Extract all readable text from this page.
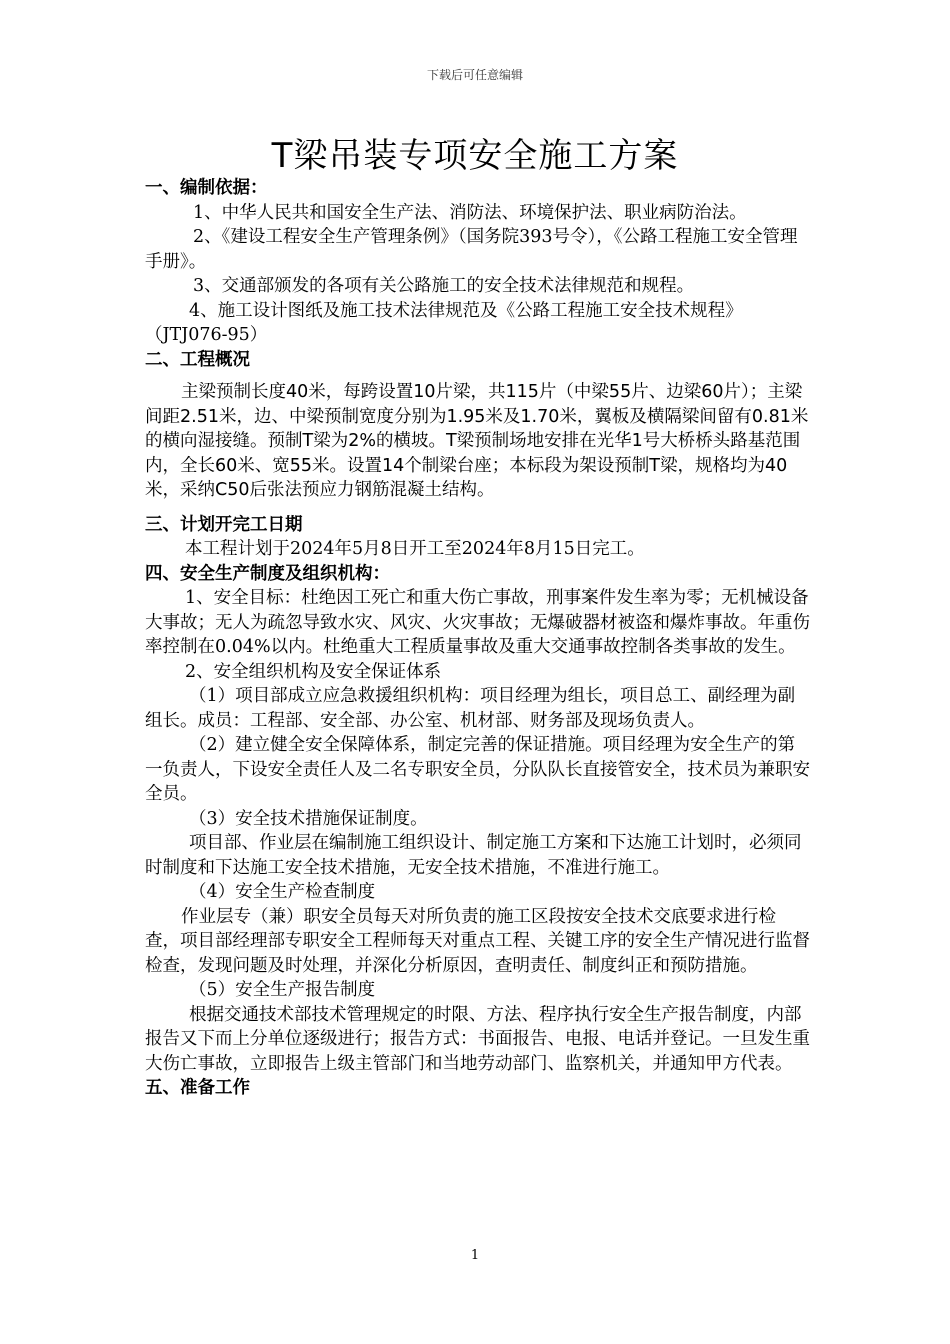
下载后可任意编辑
T梁吊装专项安全施工方案

一、编制依据：

1、中华人民共和国安全生产法、消防法、环境保护法、职业病防治法。

2、《建设工程安全生产管理条例》（国务院393号令），《公路工程施工安全管理手册》。

3、交通部颁发的各项有关公路施工的安全技术法律规范和规程。

4、施工设计图纸及施工技术法律规范及《公路工程施工安全技术规程》（JTJ076-95）

二、工程概况

主梁预制长度40米，每跨设置10片梁，共115片（中梁55片、边梁60片）；主梁间距2.51米，边、中梁预制宽度分别为1.95米及1.70米，翼板及横隔梁间留有0.81米的横向湿接缝。预制T梁为2%的横坡。T梁预制场地安排在光华1号大桥桥头路基范围内，全长60米、宽55米。设置14个制梁台座；本标段为架设预制T梁，规格均为40米，采纳C50后张法预应力钢筋混凝土结构。

三、计划开完工日期

本工程计划于2024年5月8日开工至2024年8月15日完工。

四、安全生产制度及组织机构：

1、安全目标：杜绝因工死亡和重大伤亡事故，刑事案件发生率为零；无机械设备大事故；无人为疏忽导致水灾、风灾、火灾事故；无爆破器材被盗和爆炸事故。年重伤率控制在0.04%以内。杜绝重大工程质量事故及重大交通事故控制各类事故的发生。

2、安全组织机构及安全保证体系

（1）项目部成立应急救援组织机构：项目经理为组长，项目总工、副经理为副组长。成员：工程部、安全部、办公室、机材部、财务部及现场负责人。

（2）建立健全安全保障体系，制定完善的保证措施。项目经理为安全生产的第一负责人，下设安全责任人及二名专职安全员，分队队长直接管安全，技术员为兼职安全员。

（3）安全技术措施保证制度。

项目部、作业层在编制施工组织设计、制定施工方案和下达施工计划时，必须同时制度和下达施工安全技术措施，无安全技术措施，不准进行施工。

（4）安全生产检查制度

作业层专（兼）职安全员每天对所负责的施工区段按安全技术交底要求进行检查，项目部经理部专职安全工程师每天对重点工程、关键工序的安全生产情况进行监督检查，发现问题及时处理，并深化分析原因，查明责任、制度纠正和预防措施。

（5）安全生产报告制度

根据交通技术部技术管理规定的时限、方法、程序执行安全生产报告制度，内部报告又下而上分单位逐级进行；报告方式：书面报告、电报、电话并登记。一旦发生重大伤亡事故，立即报告上级主管部门和当地劳动部门、监察机关，并通知甲方代表。

五、准备工作

1
